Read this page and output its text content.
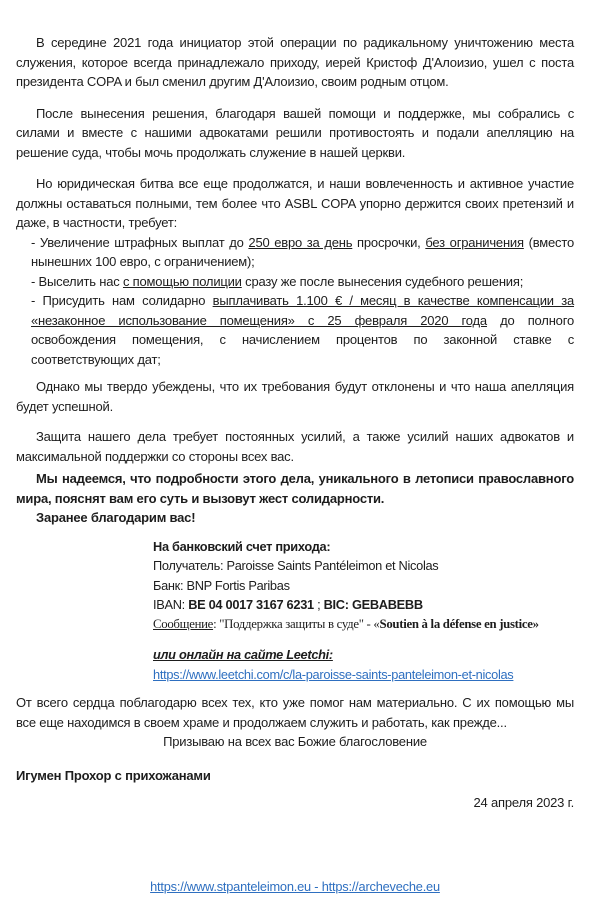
В середине 2021 года инициатор этой операции по радикальному уничтожению места служения, которое всегда принадлежало приходу, иерей Кристоф Д'Алоизио, ушел с поста президента COPA и был сменил другим Д'Алоизио, своим родным отцом.

После вынесения решения, благодаря вашей помощи и поддержке, мы собрались с силами и вместе с нашими адвокатами решили противостоять и подали апелляцию на решение суда, чтобы мочь продолжать служение в нашей церкви.

Но юридическая битва все еще продолжатся, и наши вовлеченность и активное участие должны оставаться полными, тем более что ASBL COPA упорно держится своих претензий и даже, в частности, требует:

- Увеличение штрафных выплат до 250 евро за день просрочки, без ограничения (вместо нынешних 100 евро, с ограничением);

- Выселить нас с помощью полиции сразу же после вынесения судебного решения;

- Присудить нам солидарно выплачивать 1.100 € / месяц в качестве компенсации за «незаконное использование помещения» с 25 февраля 2020 года до полного освобождения помещения, с начислением процентов по законной ставке с соответствующих дат;

Однако мы твердо убеждены, что их требования будут отклонены и что наша апелляция будет успешной.

Защита нашего дела требует постоянных усилий, а также усилий наших адвокатов и максимальной поддержки со стороны всех вас.

Мы надеемся, что подробности этого дела, уникального в летописи православного мира, пояснят вам его суть и вызовут жест солидарности.

Заранее благодарим вас!

На банковский счет прихода:
Получатель: Paroisse Saints Pantéleimon et Nicolas
Банк: BNP Fortis Paribas
IBAN: BE 04 0017 3167 6231 ; BIC: GEBABEBB
Сообщение: "Поддержка защиты в суде" - «Soutien à la défense en justice»
или онлайн на сайте Leetchi:
https://www.leetchi.com/c/la-paroisse-saints-panteleimon-et-nicolas

От всего сердца поблагодарю всех тех, кто уже помог нам материально. С их помощью мы все еще находимся в своем храме и продолжаем служить и работать, как прежде...

Призываю на всех вас Божие благословение

Игумен Прохор с прихожанами

24 апреля 2023 г.
https://www.stpanteleimon.eu - https://archeveche.eu
